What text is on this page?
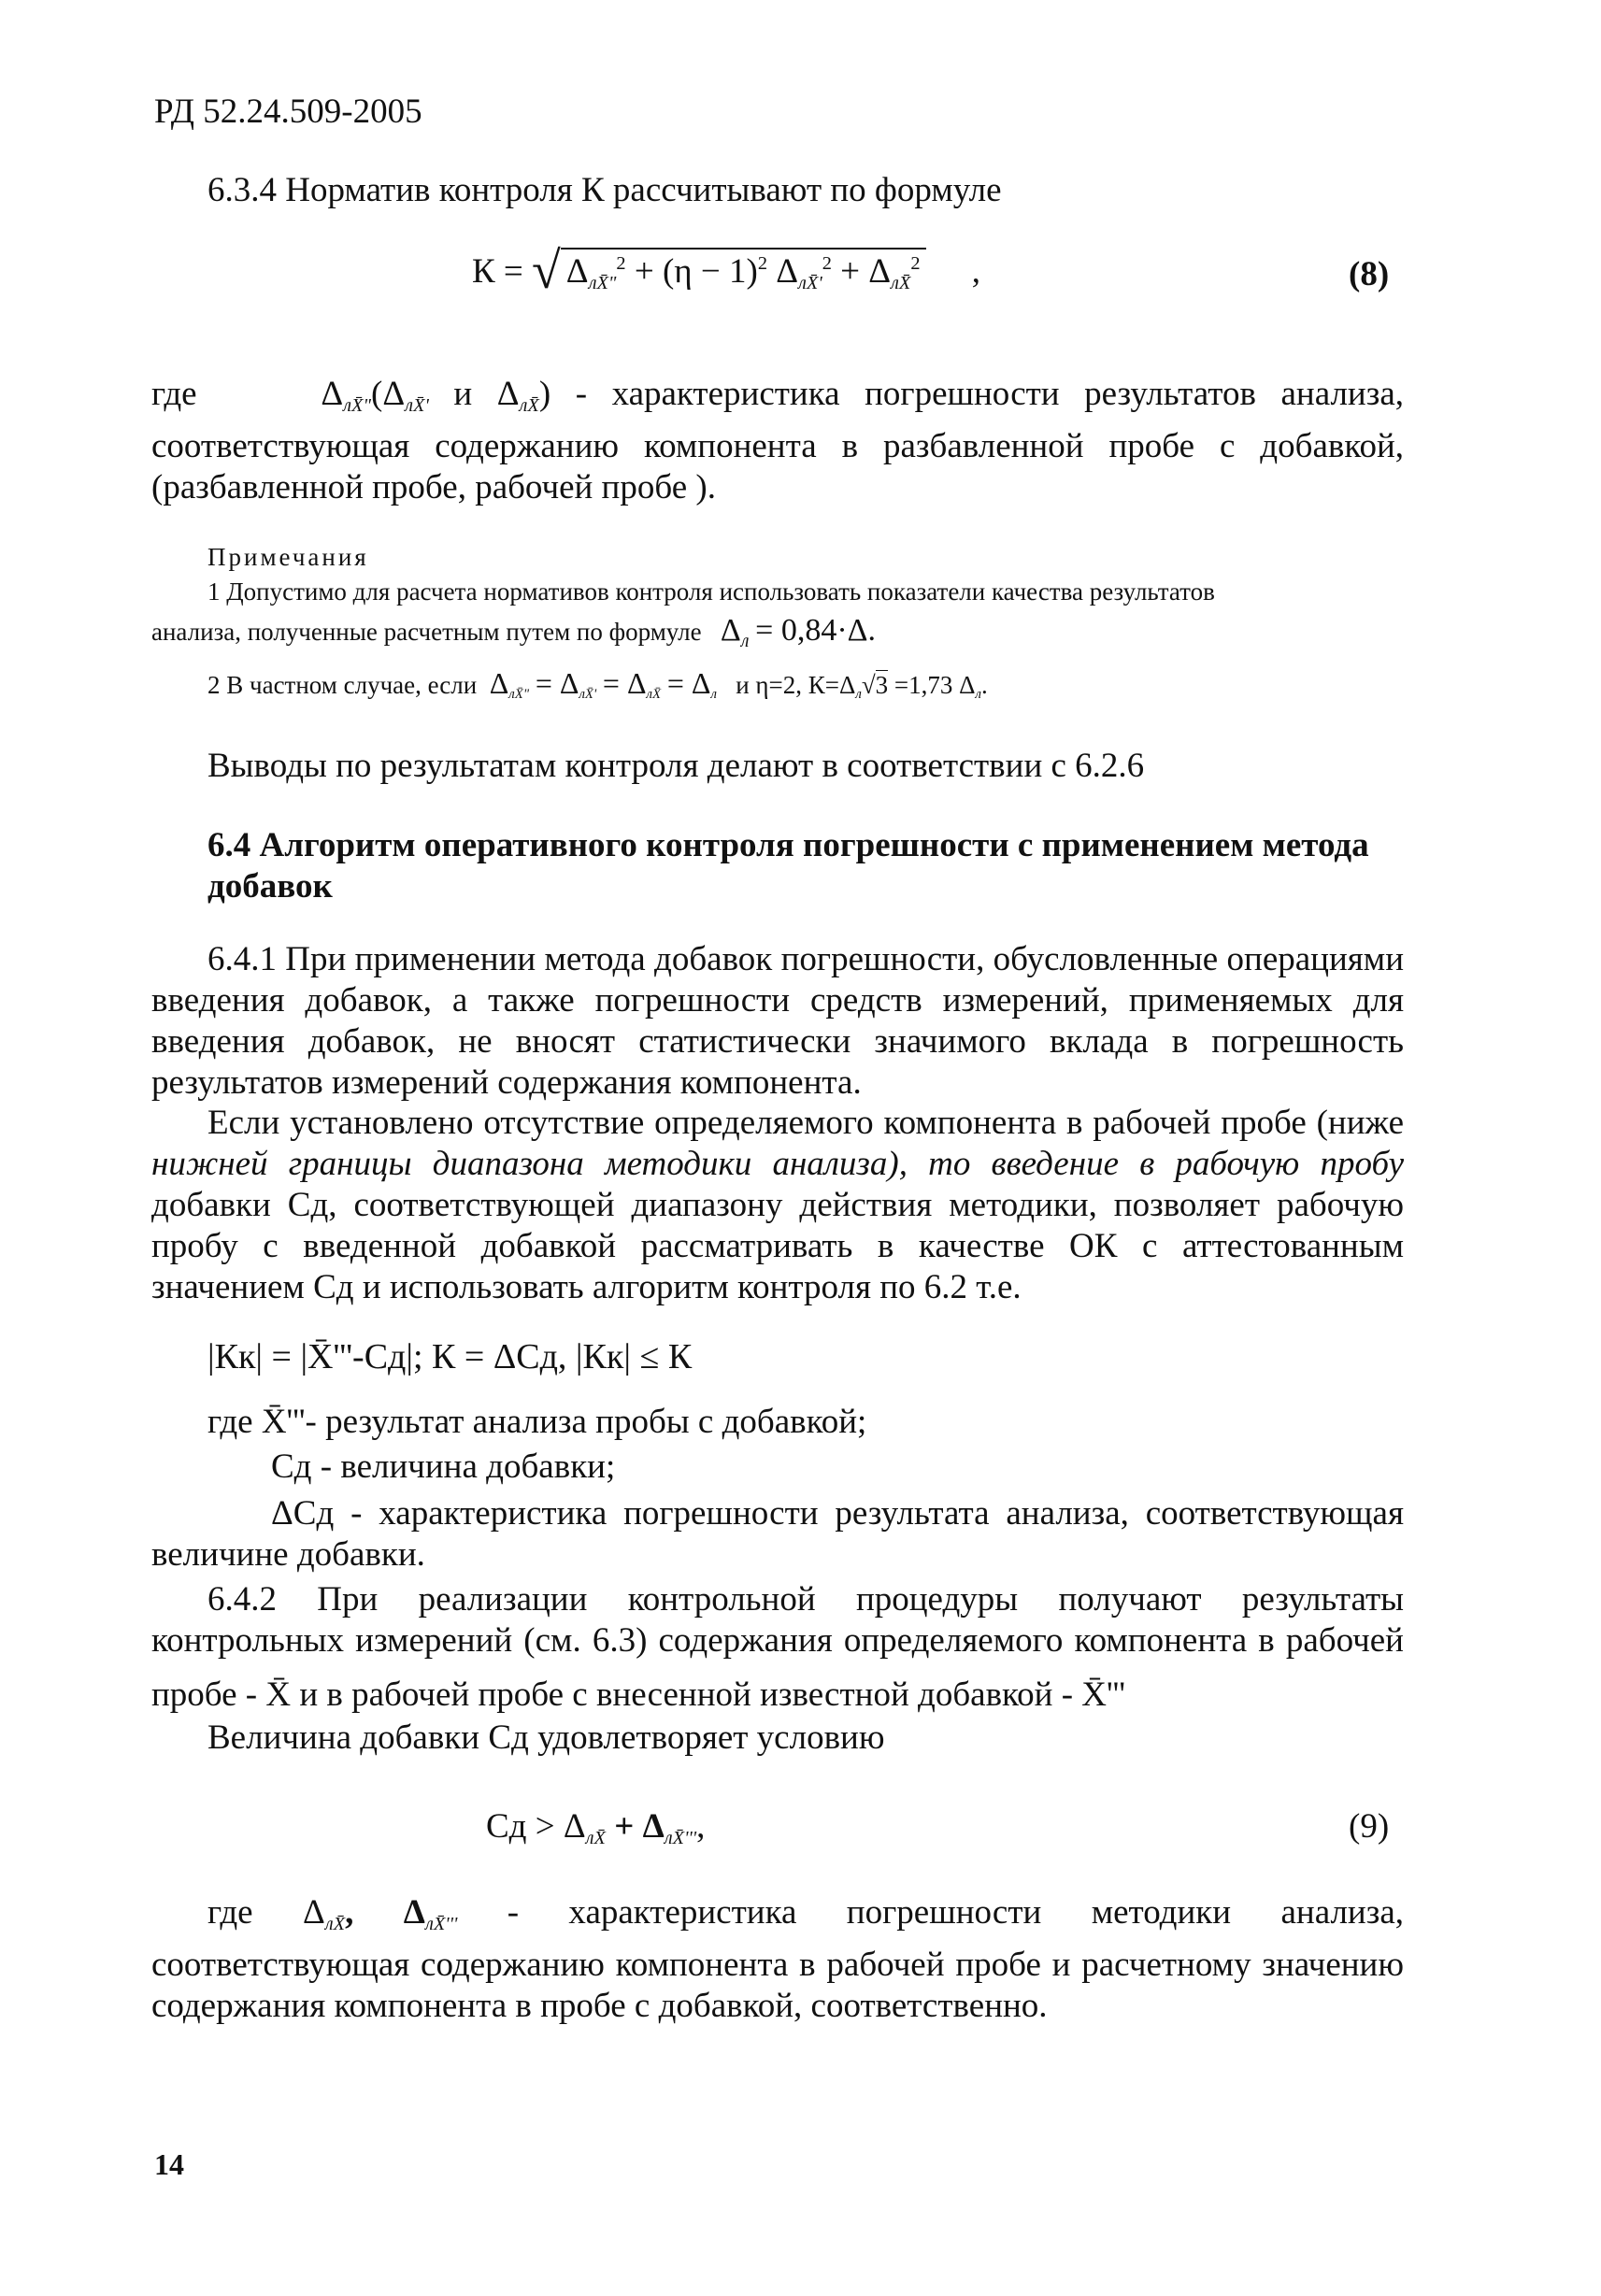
РД 52.24.509-2005
6.3.4 Норматив контроля К рассчитывают по формуле
К = √ $\Delta_{лX̄"}^2 + (\eta - 1)^2$ $\Delta_{лX̄'}^2 + \Delta_{лX̄}^2$ ,	(8)
где	$\Delta_{лX̄"}(\Delta_{лX̄'}$ и $\Delta_{лX̄}$) - характеристика погрешности результатов анализа,
соответствующая содержанию компонента в разбавленной пробе с добавкой,
(разбавленной пробе, рабочей пробе ).
Примечания
1 Допустимо для расчета нормативов контроля использовать показатели качества результатов
анализа, полученные расчетным путем по формуле $\Delta_л = 0,84\cdot\Delta$.
2 В частном случае, если $\Delta_{лX̄"} = \Delta_{лX̄'} = \Delta_{лX̄} = \Delta_л$ и η=2, $К=\Delta_л√3 =1,73$ $\Delta_л$.
Выводы по результатам контроля делают в соответствии с 6.2.6
6.4 Алгоритм оперативного контроля погрешности с применением метода
добавок
6.4.1 При применении метода добавок погрешности, обусловленные операциями
введения добавок, а также погрешности средств измерений, применяемых для
введения добавок, не вносят статистически значимого вклада в погрешность
результатов измерений содержания компонента.
Если установлено отсутствие определяемого компонента в рабочей пробе (ниже
нижней границы диапазона методики анализа), то введение в рабочую пробу
добавки Cд, соответствующей диапазону действия методики, позволяет рабочую
пробу с введенной добавкой рассматривать в качестве ОК с аттестованным
значением Cд и использовать алгоритм контроля по 6.2 т.е.
|Кк| = |X̄'''-Cд|; К = ΔCд, |Кк| ≤ К
где X̄'''- результат анализа пробы с добавкой;
Cд - величина добавки;
ΔCд - характеристика погрешности результата анализа, соответствующая
величине добавки.
6.4.2 При реализации контрольной процедуры получают результаты
контрольных измерений (см. 6.3) содержания определяемого компонента в рабочей
пробе - X̄ и в рабочей пробе с внесенной известной добавкой - X̄'''
Величина добавки Cд удовлетворяет условию
Cд > $\Delta_{лX̄} + \Delta_{лX̄'''}$,	(9)
где $\Delta_{лX̄}$, $\Delta_{лX̄'''}$ - характеристика погрешности методики анализа,
соответствующая содержанию компонента в рабочей пробе и расчетному значению
содержания компонента в пробе с добавкой, соответственно.
14
